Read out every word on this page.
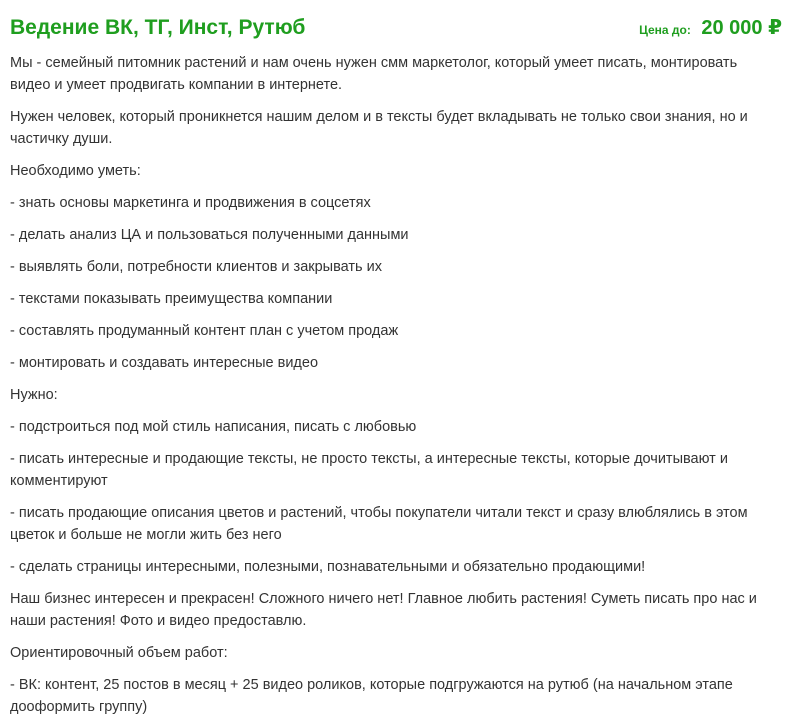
Ведение ВК, ТГ, Инст, Рутюб	Цена до: 20 000 ₽

Мы - семейный питомник растений и нам очень нужен смм маркетолог, который умеет писать, монтировать видео и умеет продвигать компании в интернете.

Нужен человек, который проникнется нашим делом и в тексты будет вкладывать не только свои знания, но и частичку души.

Необходимо уметь:

- знать основы маркетинга и продвижения в соцсетях

- делать анализ ЦА и пользоваться полученными данными

- выявлять боли, потребности клиентов и закрывать их

- текстами показывать преимущества компании

- составлять продуманный контент план с учетом продаж

- монтировать и создавать интересные видео

Нужно:

- подстроиться под мой стиль написания, писать с любовью

- писать интересные и продающие тексты, не просто тексты, а интересные тексты, которые дочитывают и комментируют

- писать продающие описания цветов и растений, чтобы покупатели читали текст и сразу влюблялись в этом цветок и больше не могли жить без него

- сделать страницы интересными, полезными, познавательными и обязательно продающими!

Наш бизнес интересен и прекрасен! Сложного ничего нет! Главное любить растения! Суметь писать про нас и наши растения! Фото и видео предоставлю.

Ориентировочный объем работ:

- ВК: контент, 25 постов в месяц + 25 видео роликов, которые подгружаются на рутюб (на начальном этапе дооформить группу)
